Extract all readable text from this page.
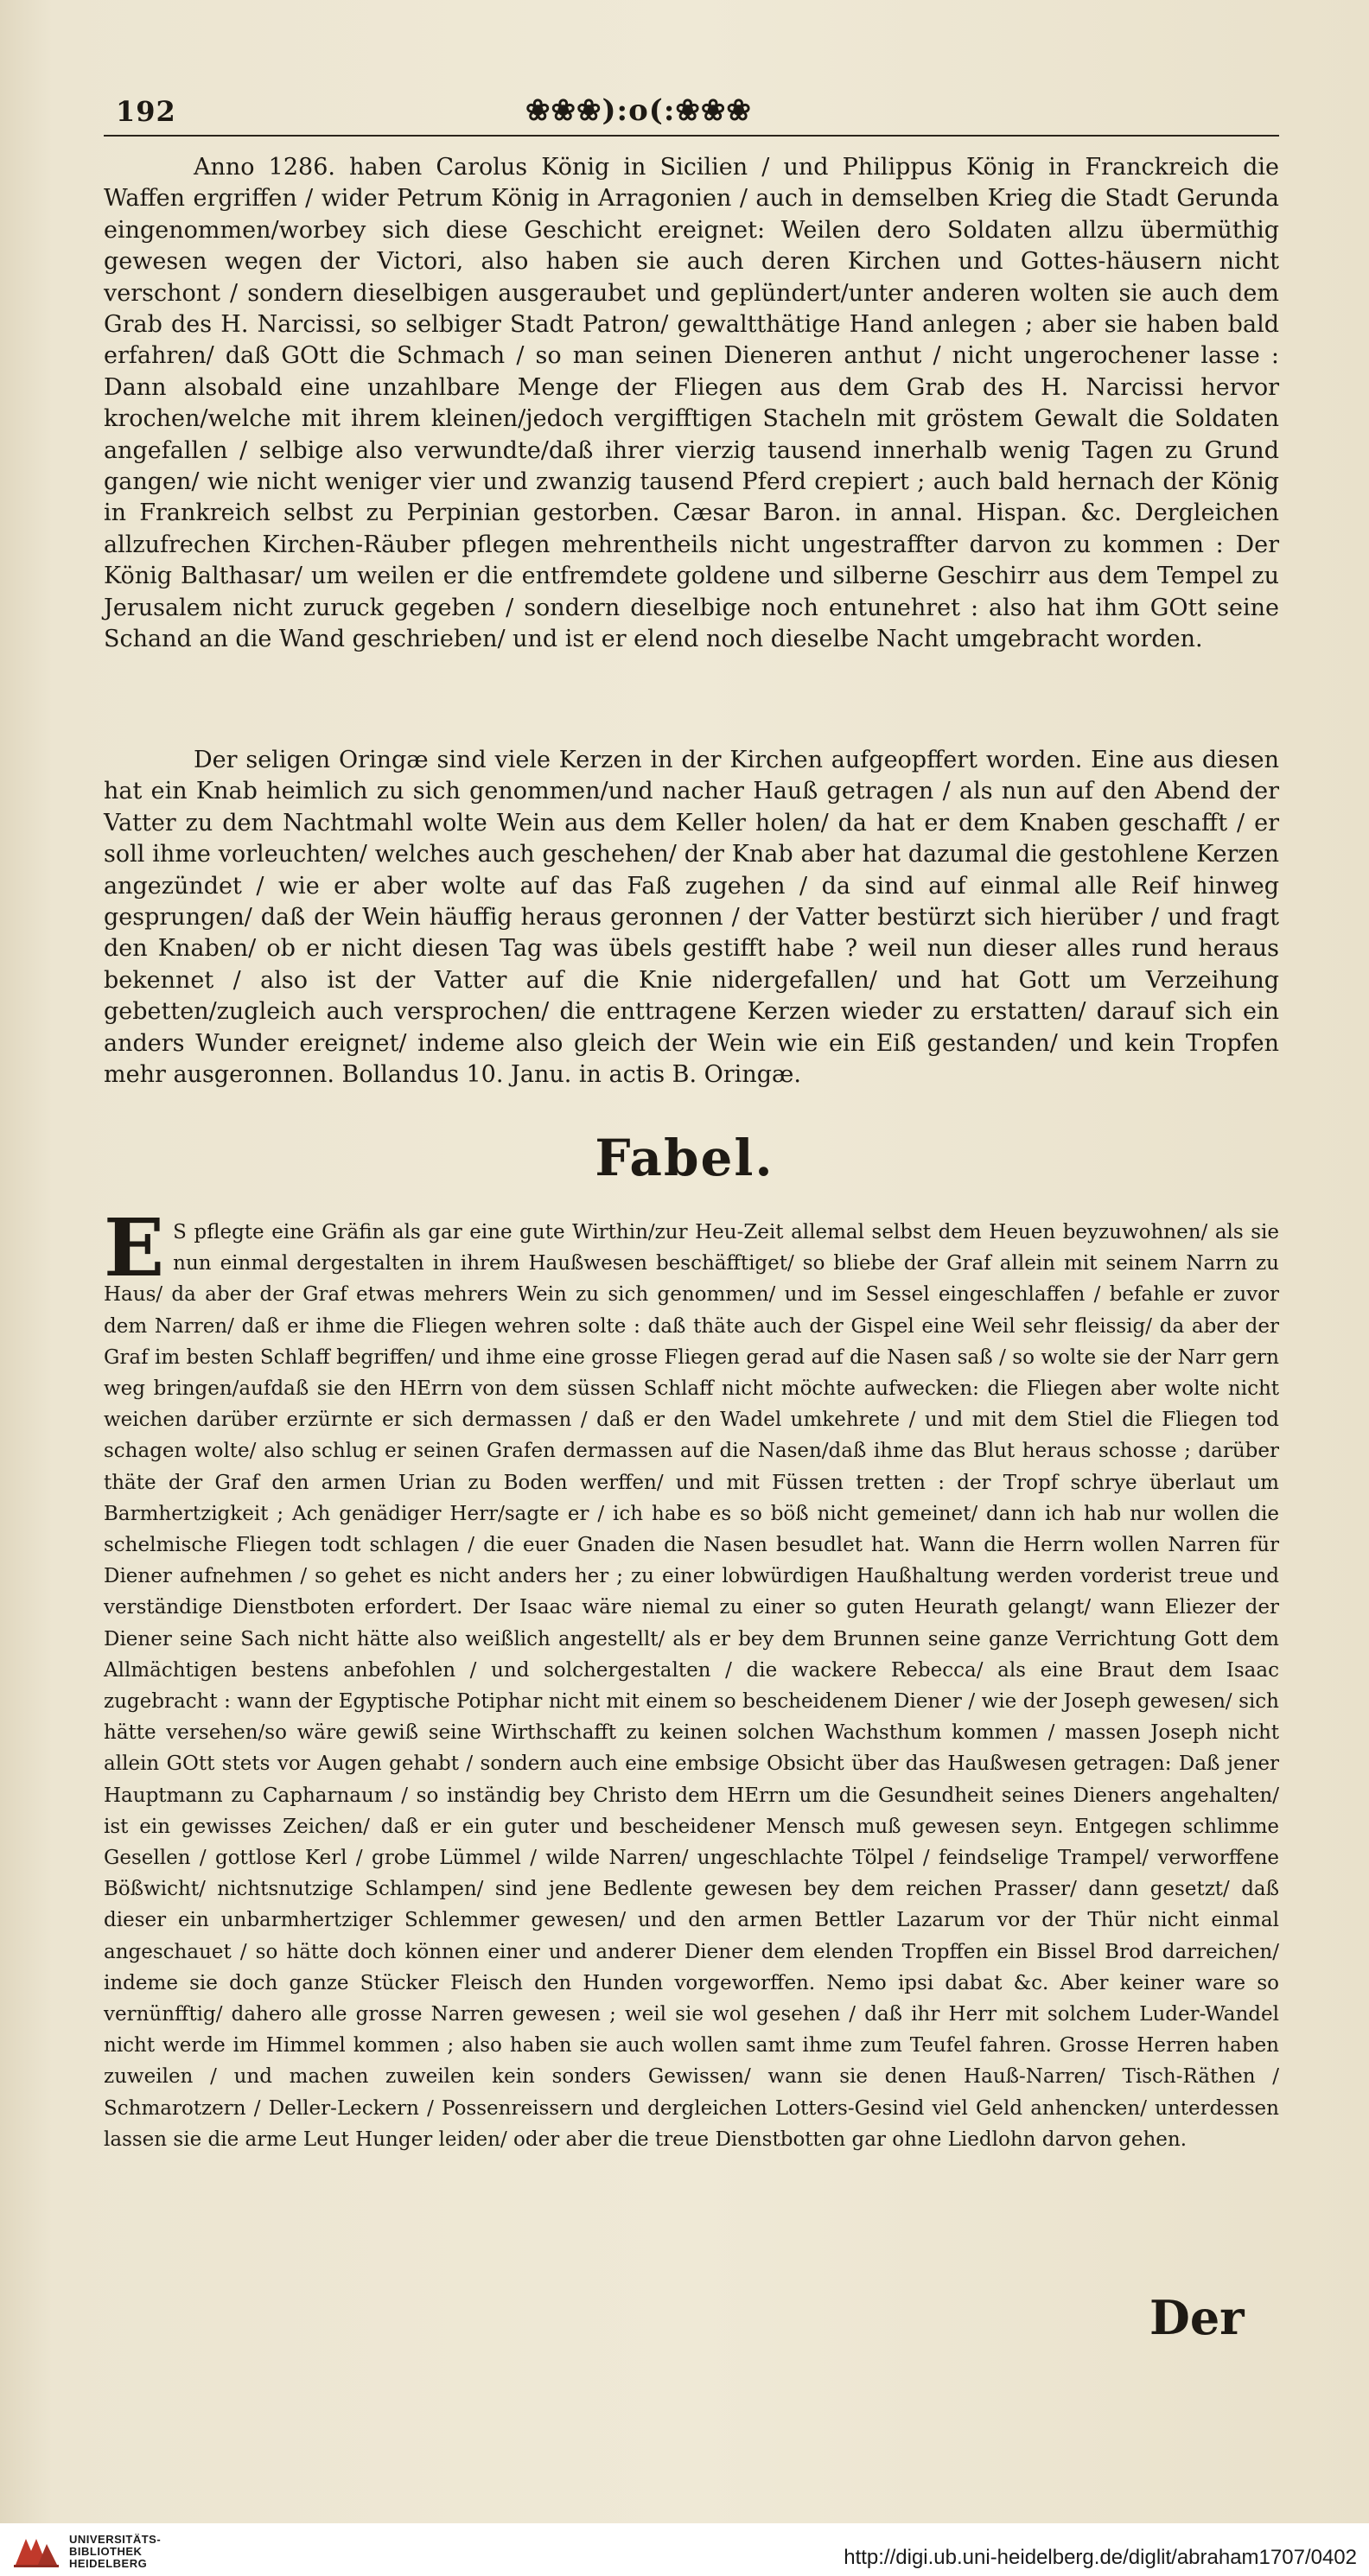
192	❀❀❀):o(:❀❀❀
Anno 1286. haben Carolus König in Sicilien / und Philippus König in Franckreich die Waffen ergriffen / wider Petrum König in Arragonien / auch in demselben Krieg die Stadt Gerunda eingenommen/worbey sich diese Geschicht ereignet: Weilen dero Soldaten allzu übermüthig gewesen wegen der Victori, also haben sie auch deren Kirchen und Gottes-häusern nicht verschont / sondern dieselbigen ausgeraubet und geplündert/unter anderen wolten sie auch dem Grab des H. Narcissi, so selbiger Stadt Patron/ gewaltthätige Hand anlegen ; aber sie haben bald erfahren/ daß GOtt die Schmach / so man seinen Dieneren anthut / nicht ungerochener lasse : Dann alsobald eine unzahlbare Menge der Fliegen aus dem Grab des H. Narcissi hervor krochen/welche mit ihrem kleinen/jedoch vergifftigen Stacheln mit gröstem Gewalt die Soldaten angefallen / selbige also verwundte/daß ihrer vierzig tausend innerhalb wenig Tagen zu Grund gangen/ wie nicht weniger vier und zwanzig tausend Pferd crepiert ; auch bald hernach der König in Frankreich selbst zu Perpinian gestorben. Cæsar Baron. in annal. Hispan. &c. Dergleichen allzufrechen Kirchen-Räuber pflegen mehrentheils nicht ungestraffter darvon zu kommen : Der König Balthasar/ um weilen er die entfremdete goldene und silberne Geschirr aus dem Tempel zu Jerusalem nicht zuruck gegeben / sondern dieselbige noch entunehret : also hat ihm GOtt seine Schand an die Wand geschrieben/ und ist er elend noch dieselbe Nacht umgebracht worden.
Der seligen Oringæ sind viele Kerzen in der Kirchen aufgeopffert worden. Eine aus diesen hat ein Knab heimlich zu sich genommen/und nacher Hauß getragen / als nun auf den Abend der Vatter zu dem Nachtmahl wolte Wein aus dem Keller holen/ da hat er dem Knaben geschafft / er soll ihme vorleuchten/ welches auch geschehen/ der Knab aber hat dazumal die gestohlene Kerzen angezündet / wie er aber wolte auf das Faß zugehen / da sind auf einmal alle Reif hinweg gesprungen/ daß der Wein häuffig heraus geronnen / der Vatter bestürzt sich hierüber / und fragt den Knaben/ ob er nicht diesen Tag was übels gestifft habe ? weil nun dieser alles rund heraus bekennet / also ist der Vatter auf die Knie nidergefallen/ und hat Gott um Verzeihung gebetten/zugleich auch versprochen/ die enttragene Kerzen wieder zu erstatten/ darauf sich ein anders Wunder ereignet/ indeme also gleich der Wein wie ein Eiß gestanden/ und kein Tropfen mehr ausgeronnen. Bollandus 10. Janu. in actis B. Oringæ.
Fabel.
E S pflegte eine Gräfin als gar eine gute Wirthin/zur Heu-Zeit allemal selbst dem Heuen beyzuwohnen/ als sie nun einmal dergestalten in ihrem Haußwesen beschäfftiget/ so bliebe der Graf allein mit seinem Narrn zu Haus/ da aber der Graf etwas mehrers Wein zu sich genommen/ und im Sessel eingeschlaffen / befahle er zuvor dem Narren/ daß er ihme die Fliegen wehren solte : daß thäte auch der Gispel eine Weil sehr fleissig/ da aber der Graf im besten Schlaff begriffen/ und ihme eine grosse Fliegen gerad auf die Nasen saß / so wolte sie der Narr gern weg bringen/aufdaß sie den HErrn von dem süssen Schlaff nicht möchte aufwecken: die Fliegen aber wolte nicht weichen darüber erzürnte er sich dermassen / daß er den Wadel umkehrete / und mit dem Stiel die Fliegen tod schagen wolte/ also schlug er seinen Grafen dermassen auf die Nasen/daß ihme das Blut heraus schosse ; darüber thäte der Graf den armen Urian zu Boden werffen/ und mit Füssen tretten : der Tropf schrye überlaut um Barmhertzigkeit ; Ach genädiger Herr/sagte er / ich habe es so böß nicht gemeinet/ dann ich hab nur wollen die schelmische Fliegen todt schlagen / die euer Gnaden die Nasen besudlet hat. Wann die Herrn wollen Narren für Diener aufnehmen / so gehet es nicht anders her ; zu einer lobwürdigen Haußhaltung werden vorderist treue und verständige Dienstboten erfordert. Der Isaac wäre niemal zu einer so guten Heurath gelangt/ wann Eliezer der Diener seine Sach nicht hätte also weißlich angestellt/ als er bey dem Brunnen seine ganze Verrichtung Gott dem Allmächtigen bestens anbefohlen / und solchergestalten / die wackere Rebecca/ als eine Braut dem Isaac zugebracht : wann der Egyptische Potiphar nicht mit einem so bescheidenem Diener / wie der Joseph gewesen/ sich hätte versehen/so wäre gewiß seine Wirthschafft zu keinen solchen Wachsthum kommen / massen Joseph nicht allein GOtt stets vor Augen gehabt / sondern auch eine embsige Obsicht über das Haußwesen getragen: Daß jener Hauptmann zu Capharnaum / so inständig bey Christo dem HErrn um die Gesundheit seines Dieners angehalten/ ist ein gewisses Zeichen/ daß er ein guter und bescheidener Mensch muß gewesen seyn. Entgegen schlimme Gesellen / gottlose Kerl / grobe Lümmel / wilde Narren/ ungeschlachte Tölpel / feindselige Trampel/ verworffene Bößwicht/ nichtsnutzige Schlampen/ sind jene Bedlente gewesen bey dem reichen Prasser/ dann gesetzt/ daß dieser ein unbarmhertziger Schlemmer gewesen/ und den armen Bettler Lazarum vor der Thür nicht einmal angeschauet / so hätte doch können einer und anderer Diener dem elenden Tropffen ein Bissel Brod darreichen/ indeme sie doch ganze Stücker Fleisch den Hunden vorgeworffen. Nemo ipsi dabat &c. Aber keiner ware so vernünfftig/ dahero alle grosse Narren gewesen ; weil sie wol gesehen / daß ihr Herr mit solchem Luder-Wandel nicht werde im Himmel kommen ; also haben sie auch wollen samt ihme zum Teufel fahren. Grosse Herren haben zuweilen / und machen zuweilen kein sonders Gewissen/ wann sie denen Hauß-Narren/ Tisch-Räthen / Schmarotzern / Deller-Leckern / Possenreissern und dergleichen Lotters-Gesind viel Geld anhencken/ unterdessen lassen sie die arme Leut Hunger leiden/ oder aber die treue Dienstbotten gar ohne Liedlohn darvon gehen.
Der
UNIVERSITÄTS-
BIBLIOTHEK
HEIDELBERG	http://digi.ub.uni-heidelberg.de/diglit/abraham1707/0402
